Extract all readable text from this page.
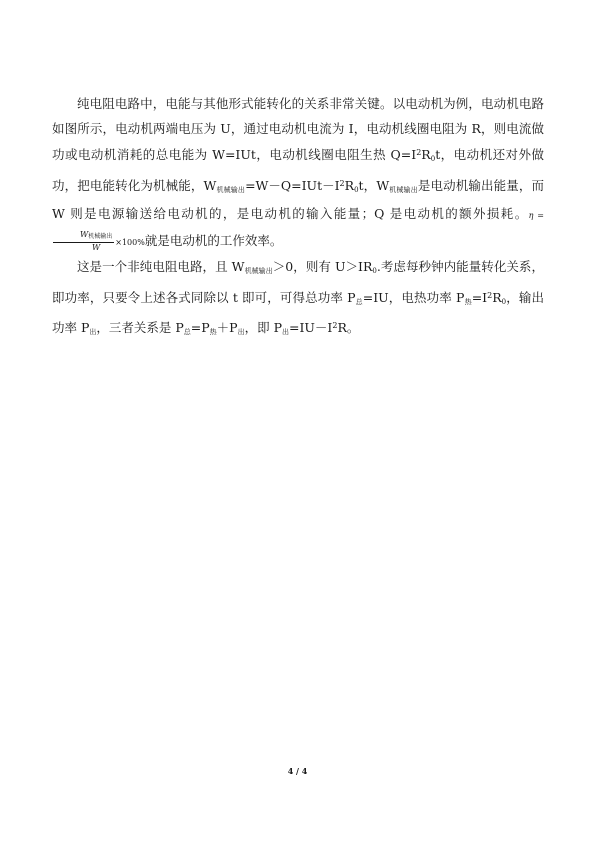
纯电阻电路中，电能与其他形式能转化的关系非常关键。以电动机为例，电动机电路如图所示，电动机两端电压为 U，通过电动机电流为 I，电动机线圈电阻为 R，则电流做功或电动机消耗的总电能为 W=IUt，电动机线圈电阻生热 $Q=I^2R_0t$，电动机还对外做功，把电能转化为机械能，$W_{机械输出}=W-Q=IUt-I^2R_0t$，$W_{机械输出}$是电动机输出能量，而 W 则是电源输送给电动机的，是电动机的输入能量；Q 是电动机的额外损耗。η =
$\frac{\text{W机械输出}}{W} \times 100\%$就是电动机的工作效率。

这是一个非纯电阻电路，且 $W_{机械输出}>0$，则有 $U>IR_0$.考虑每秒钟内能量转化关系，即功率，只要令上述各式同除以 t 即可，可得总功率 $P_总=IU$，电热功率 $P_热=I^2R_0$，输出功率 $P_出$，三者关系是 $P_总=P_热+P_出$，即 $P_出=IU-I^2R$。

4 / 4
